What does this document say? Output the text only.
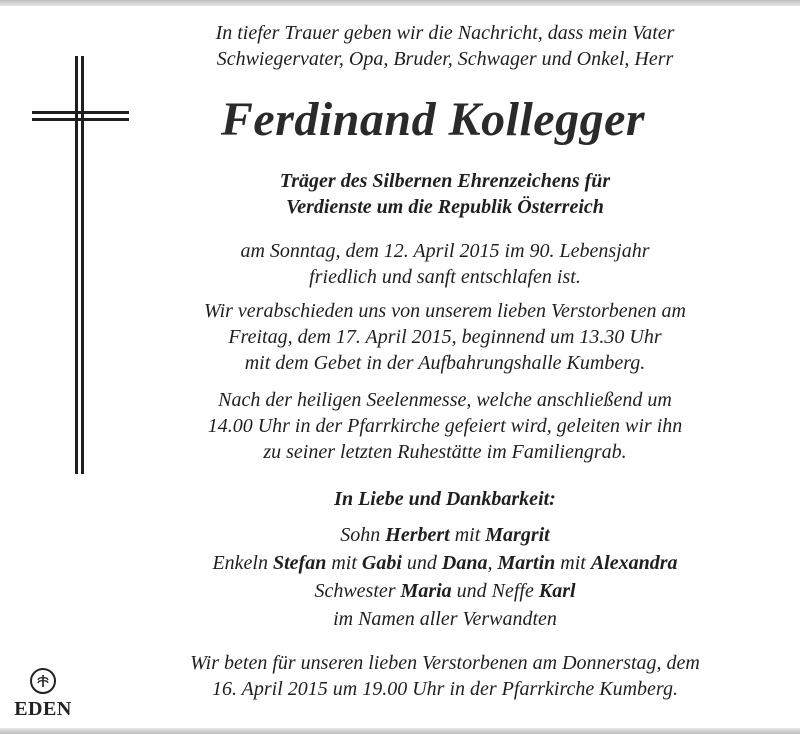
In tiefer Trauer geben wir die Nachricht, dass mein Vater
Schwiegervater, Opa, Bruder, Schwager und Onkel, Herr
Ferdinand Kollegger
Träger des Silbernen Ehrenzeichens für
Verdienste um die Republik Österreich
am Sonntag, dem 12. April 2015 im 90. Lebensjahr
friedlich und sanft entschlafen ist.
Wir verabschieden uns von unserem lieben Verstorbenen am
Freitag, dem 17. April 2015, beginnend um 13.30 Uhr
mit dem Gebet in der Aufbahrungshalle Kumberg.
Nach der heiligen Seelenmesse, welche anschließend um
14.00 Uhr in der Pfarrkirche gefeiert wird, geleiten wir ihn
zu seiner letzten Ruhestätte im Familiengrab.
In Liebe und Dankbarkeit:
Sohn Herbert mit Margrit
Enkeln Stefan mit Gabi und Dana, Martin mit Alexandra
Schwester Maria und Neffe Karl
im Namen aller Verwandten
Wir beten für unseren lieben Verstorbenen am Donnerstag, dem
16. April 2015 um 19.00 Uhr in der Pfarrkirche Kumberg.
EDEN
